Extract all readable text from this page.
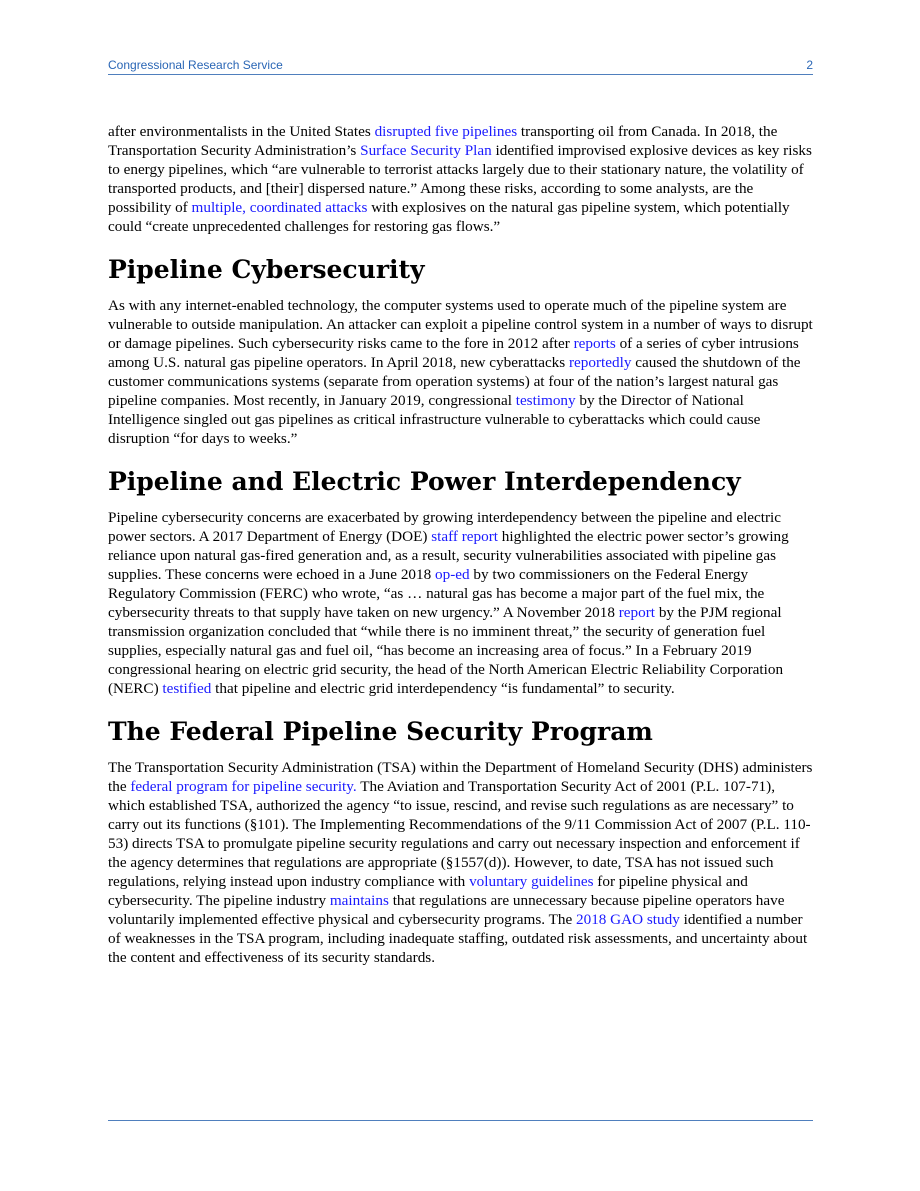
Congressional Research Service	2

after environmentalists in the United States disrupted five pipelines transporting oil from Canada. In 2018, the Transportation Security Administration’s Surface Security Plan identified improvised explosive devices as key risks to energy pipelines, which “are vulnerable to terrorist attacks largely due to their stationary nature, the volatility of transported products, and [their] dispersed nature.” Among these risks, according to some analysts, are the possibility of multiple, coordinated attacks with explosives on the natural gas pipeline system, which potentially could “create unprecedented challenges for restoring gas flows.”

Pipeline Cybersecurity

As with any internet-enabled technology, the computer systems used to operate much of the pipeline system are vulnerable to outside manipulation. An attacker can exploit a pipeline control system in a number of ways to disrupt or damage pipelines. Such cybersecurity risks came to the fore in 2012 after reports of a series of cyber intrusions among U.S. natural gas pipeline operators. In April 2018, new cyberattacks reportedly caused the shutdown of the customer communications systems (separate from operation systems) at four of the nation’s largest natural gas pipeline companies. Most recently, in January 2019, congressional testimony by the Director of National Intelligence singled out gas pipelines as critical infrastructure vulnerable to cyberattacks which could cause disruption “for days to weeks.”

Pipeline and Electric Power Interdependency

Pipeline cybersecurity concerns are exacerbated by growing interdependency between the pipeline and electric power sectors. A 2017 Department of Energy (DOE) staff report highlighted the electric power sector’s growing reliance upon natural gas-fired generation and, as a result, security vulnerabilities associated with pipeline gas supplies. These concerns were echoed in a June 2018 op-ed by two commissioners on the Federal Energy Regulatory Commission (FERC) who wrote, “as … natural gas has become a major part of the fuel mix, the cybersecurity threats to that supply have taken on new urgency.” A November 2018 report by the PJM regional transmission organization concluded that “while there is no imminent threat,” the security of generation fuel supplies, especially natural gas and fuel oil, “has become an increasing area of focus.” In a February 2019 congressional hearing on electric grid security, the head of the North American Electric Reliability Corporation (NERC) testified that pipeline and electric grid interdependency “is fundamental” to security.

The Federal Pipeline Security Program

The Transportation Security Administration (TSA) within the Department of Homeland Security (DHS) administers the federal program for pipeline security. The Aviation and Transportation Security Act of 2001 (P.L. 107-71), which established TSA, authorized the agency “to issue, rescind, and revise such regulations as are necessary” to carry out its functions (§101). The Implementing Recommendations of the 9/11 Commission Act of 2007 (P.L. 110-53) directs TSA to promulgate pipeline security regulations and carry out necessary inspection and enforcement if the agency determines that regulations are appropriate (§1557(d)). However, to date, TSA has not issued such regulations, relying instead upon industry compliance with voluntary guidelines for pipeline physical and cybersecurity. The pipeline industry maintains that regulations are unnecessary because pipeline operators have voluntarily implemented effective physical and cybersecurity programs. The 2018 GAO study identified a number of weaknesses in the TSA program, including inadequate staffing, outdated risk assessments, and uncertainty about the content and effectiveness of its security standards.
